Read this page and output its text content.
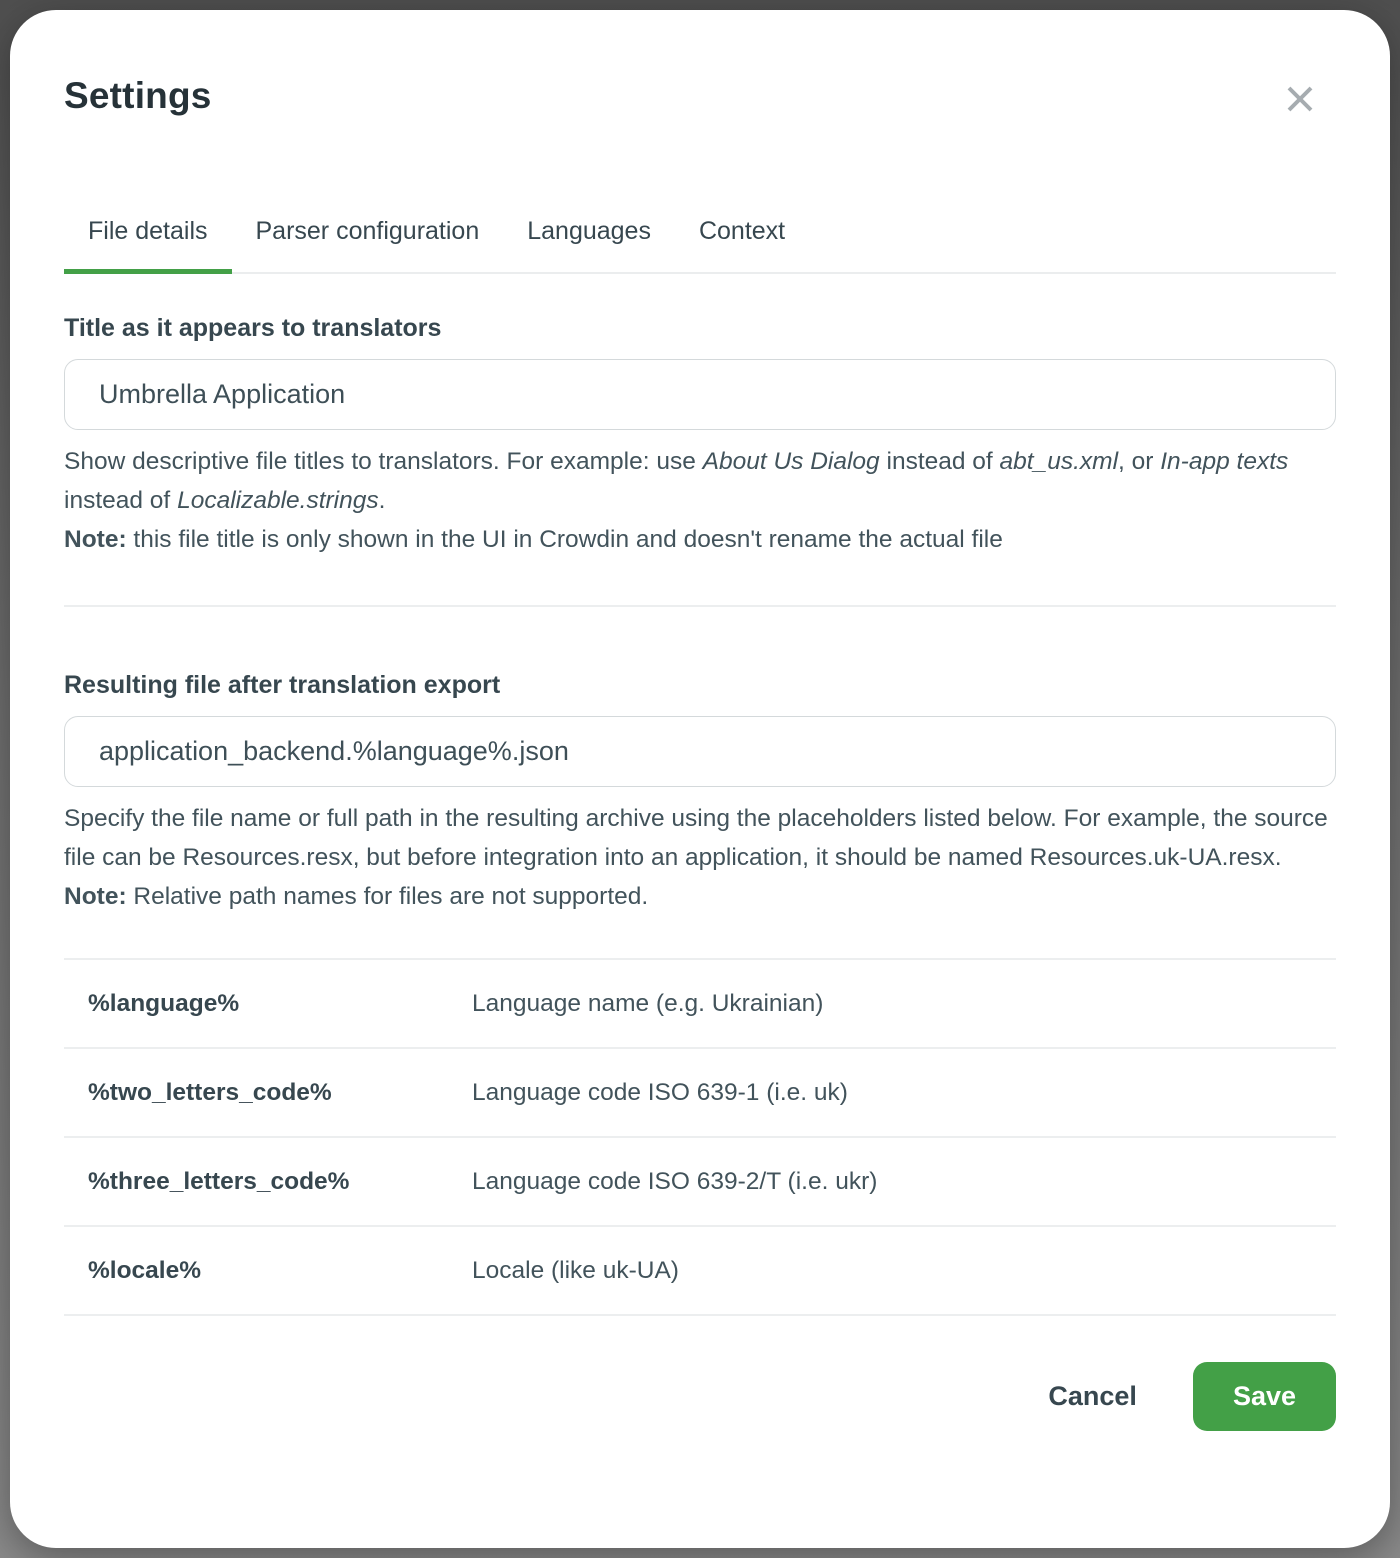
Settings
File details	Parser configuration	Languages	Context
Title as it appears to translators
Umbrella Application
Show descriptive file titles to translators. For example: use About Us Dialog instead of abt_us.xml, or In-app texts instead of Localizable.strings.
Note: this file title is only shown in the UI in Crowdin and doesn't rename the actual file
Resulting file after translation export
application_backend.%language%.json
Specify the file name or full path in the resulting archive using the placeholders listed below. For example, the source file can be Resources.resx, but before integration into an application, it should be named Resources.uk-UA.resx.
Note: Relative path names for files are not supported.
%language%	Language name (e.g. Ukrainian)
%two_letters_code%	Language code ISO 639-1 (i.e. uk)
%three_letters_code%	Language code ISO 639-2/T (i.e. ukr)
%locale%	Locale (like uk-UA)
Cancel	Save
